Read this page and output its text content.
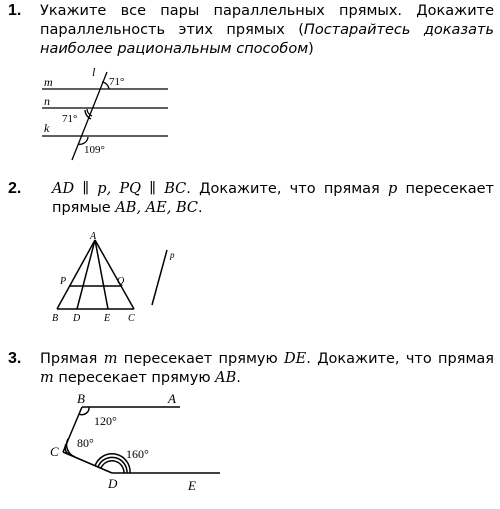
1. Укажите все пары параллельных прямых. Докажите параллельность этих прямых (Постарайтесь доказать наиболее рациональным способом)
m
n
k
l
71°
71°
109°
2. AD ∥ p, PQ ∥ BC. Докажите, что прямая p пересекает прямые AB, AE, BC.
A
P	Q
B D E C
p
3. Прямая m пересекает прямую DE. Докажите, что прямая m пересекает прямую AB.
B	A
C
D	E
120°
80°
160°
